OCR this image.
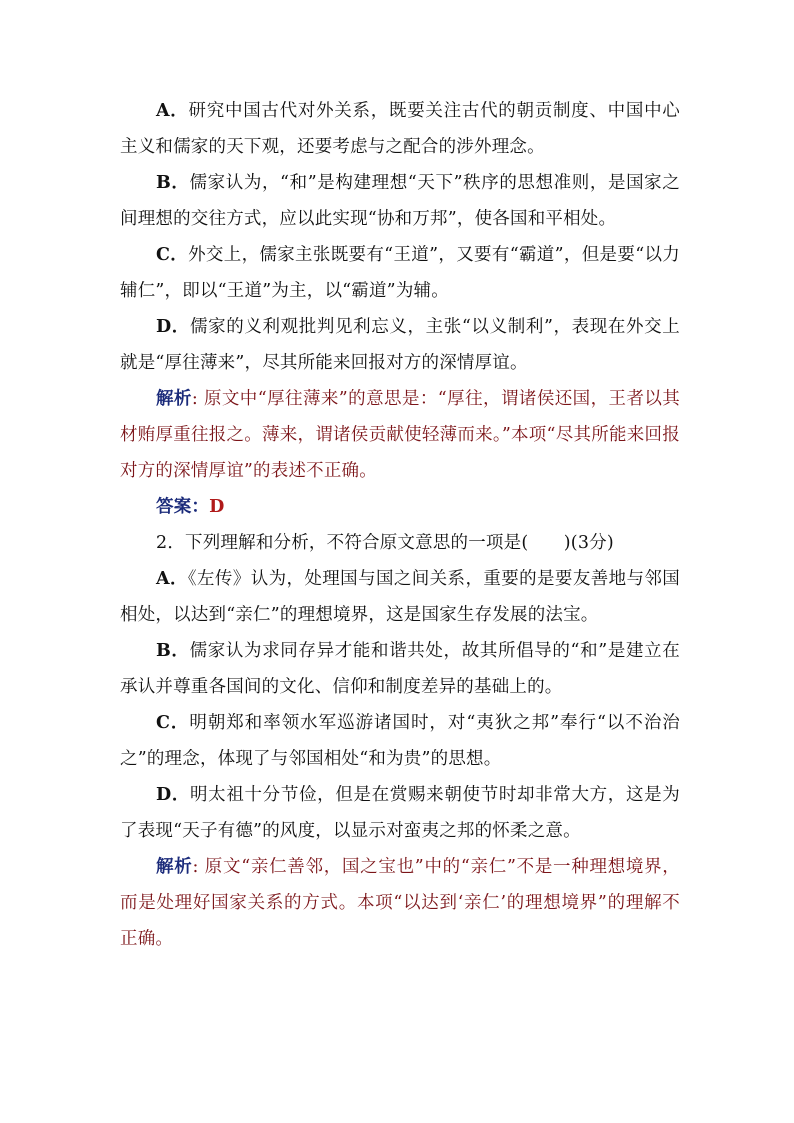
A．研究中国古代对外关系，既要关注古代的朝贡制度、中国中心主义和儒家的天下观，还要考虑与之配合的涉外理念。

B．儒家认为，“和”是构建理想“天下”秩序的思想准则，是国家之间理想的交往方式，应以此实现“协和万邦”，使各国和平相处。

C．外交上，儒家主张既要有“王道”，又要有“霸道”，但是要“以力辅仁”，即以“王道”为主，以“霸道”为辅。

D．儒家的义利观批判见利忘义，主张“以义制利”，表现在外交上就是“厚往薄来”，尽其所能来回报对方的深情厚谊。

解析: 原文中“厚往薄来”的意思是：“厚往，谓诸侯还国，王者以其材贿厚重往报之。薄来，谓诸侯贡献使轻薄而来。”本项“尽其所能来回报对方的深情厚谊”的表述不正确。

答案：D

2．下列理解和分析，不符合原文意思的一项是(　　)(3分)

A．《左传》认为，处理国与国之间关系，重要的是要友善地与邻国相处，以达到“亲仁”的理想境界，这是国家生存发展的法宝。

B．儒家认为求同存异才能和谐共处，故其所倡导的“和”是建立在承认并尊重各国间的文化、信仰和制度差异的基础上的。

C．明朝郑和率领水军巡游诸国时，对“夷狄之邦”奉行“以不治治之”的理念，体现了与邻国相处“和为贵”的思想。

D．明太祖十分节俭，但是在赏赐来朝使节时却非常大方，这是为了表现“天子有德”的风度，以显示对蛮夷之邦的怀柔之意。

解析: 原文“亲仁善邻，国之宝也”中的“亲仁”不是一种理想境界，而是处理好国家关系的方式。本项“以达到‘亲仁’的理想境界”的理解不正确。
